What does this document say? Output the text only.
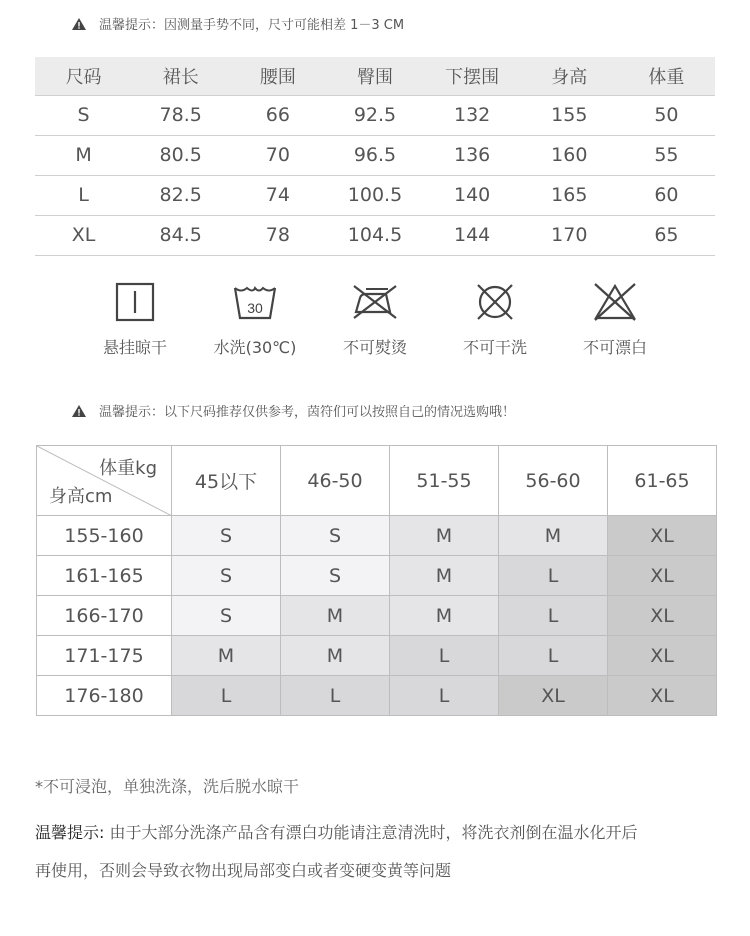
温馨提示：因测量手势不同，尺寸可能相差 1－3 CM
尺码	裙长	腰围	臀围	下摆围	身高	体重
S	78.5	66	92.5	132	155	50
M	80.5	70	96.5	136	160	55
L	82.5	74	100.5	140	165	60
XL	84.5	78	104.5	144	170	65
悬挂晾干
30
水洗(30℃)	不可熨烫	不可干洗	不可漂白
温馨提示：以下尺码推荐仅供参考，茵符们可以按照自己的情况选购哦！
体重kg
身高cm	45以下	46-50	51-55	56-60	61-65
155-160	S	S	M	M	XL
161-165	S	S	M	L	XL
166-170	S	M	M	L	XL
171-175	M	M	L	L	XL
176-180	L	L	L	XL	XL
*不可浸泡，单独洗涤，洗后脱水晾干
温馨提示: 由于大部分洗涤产品含有漂白功能请注意清洗时，将洗衣剂倒在温水化开后
再使用，否则会导致衣物出现局部变白或者变硬变黄等问题
